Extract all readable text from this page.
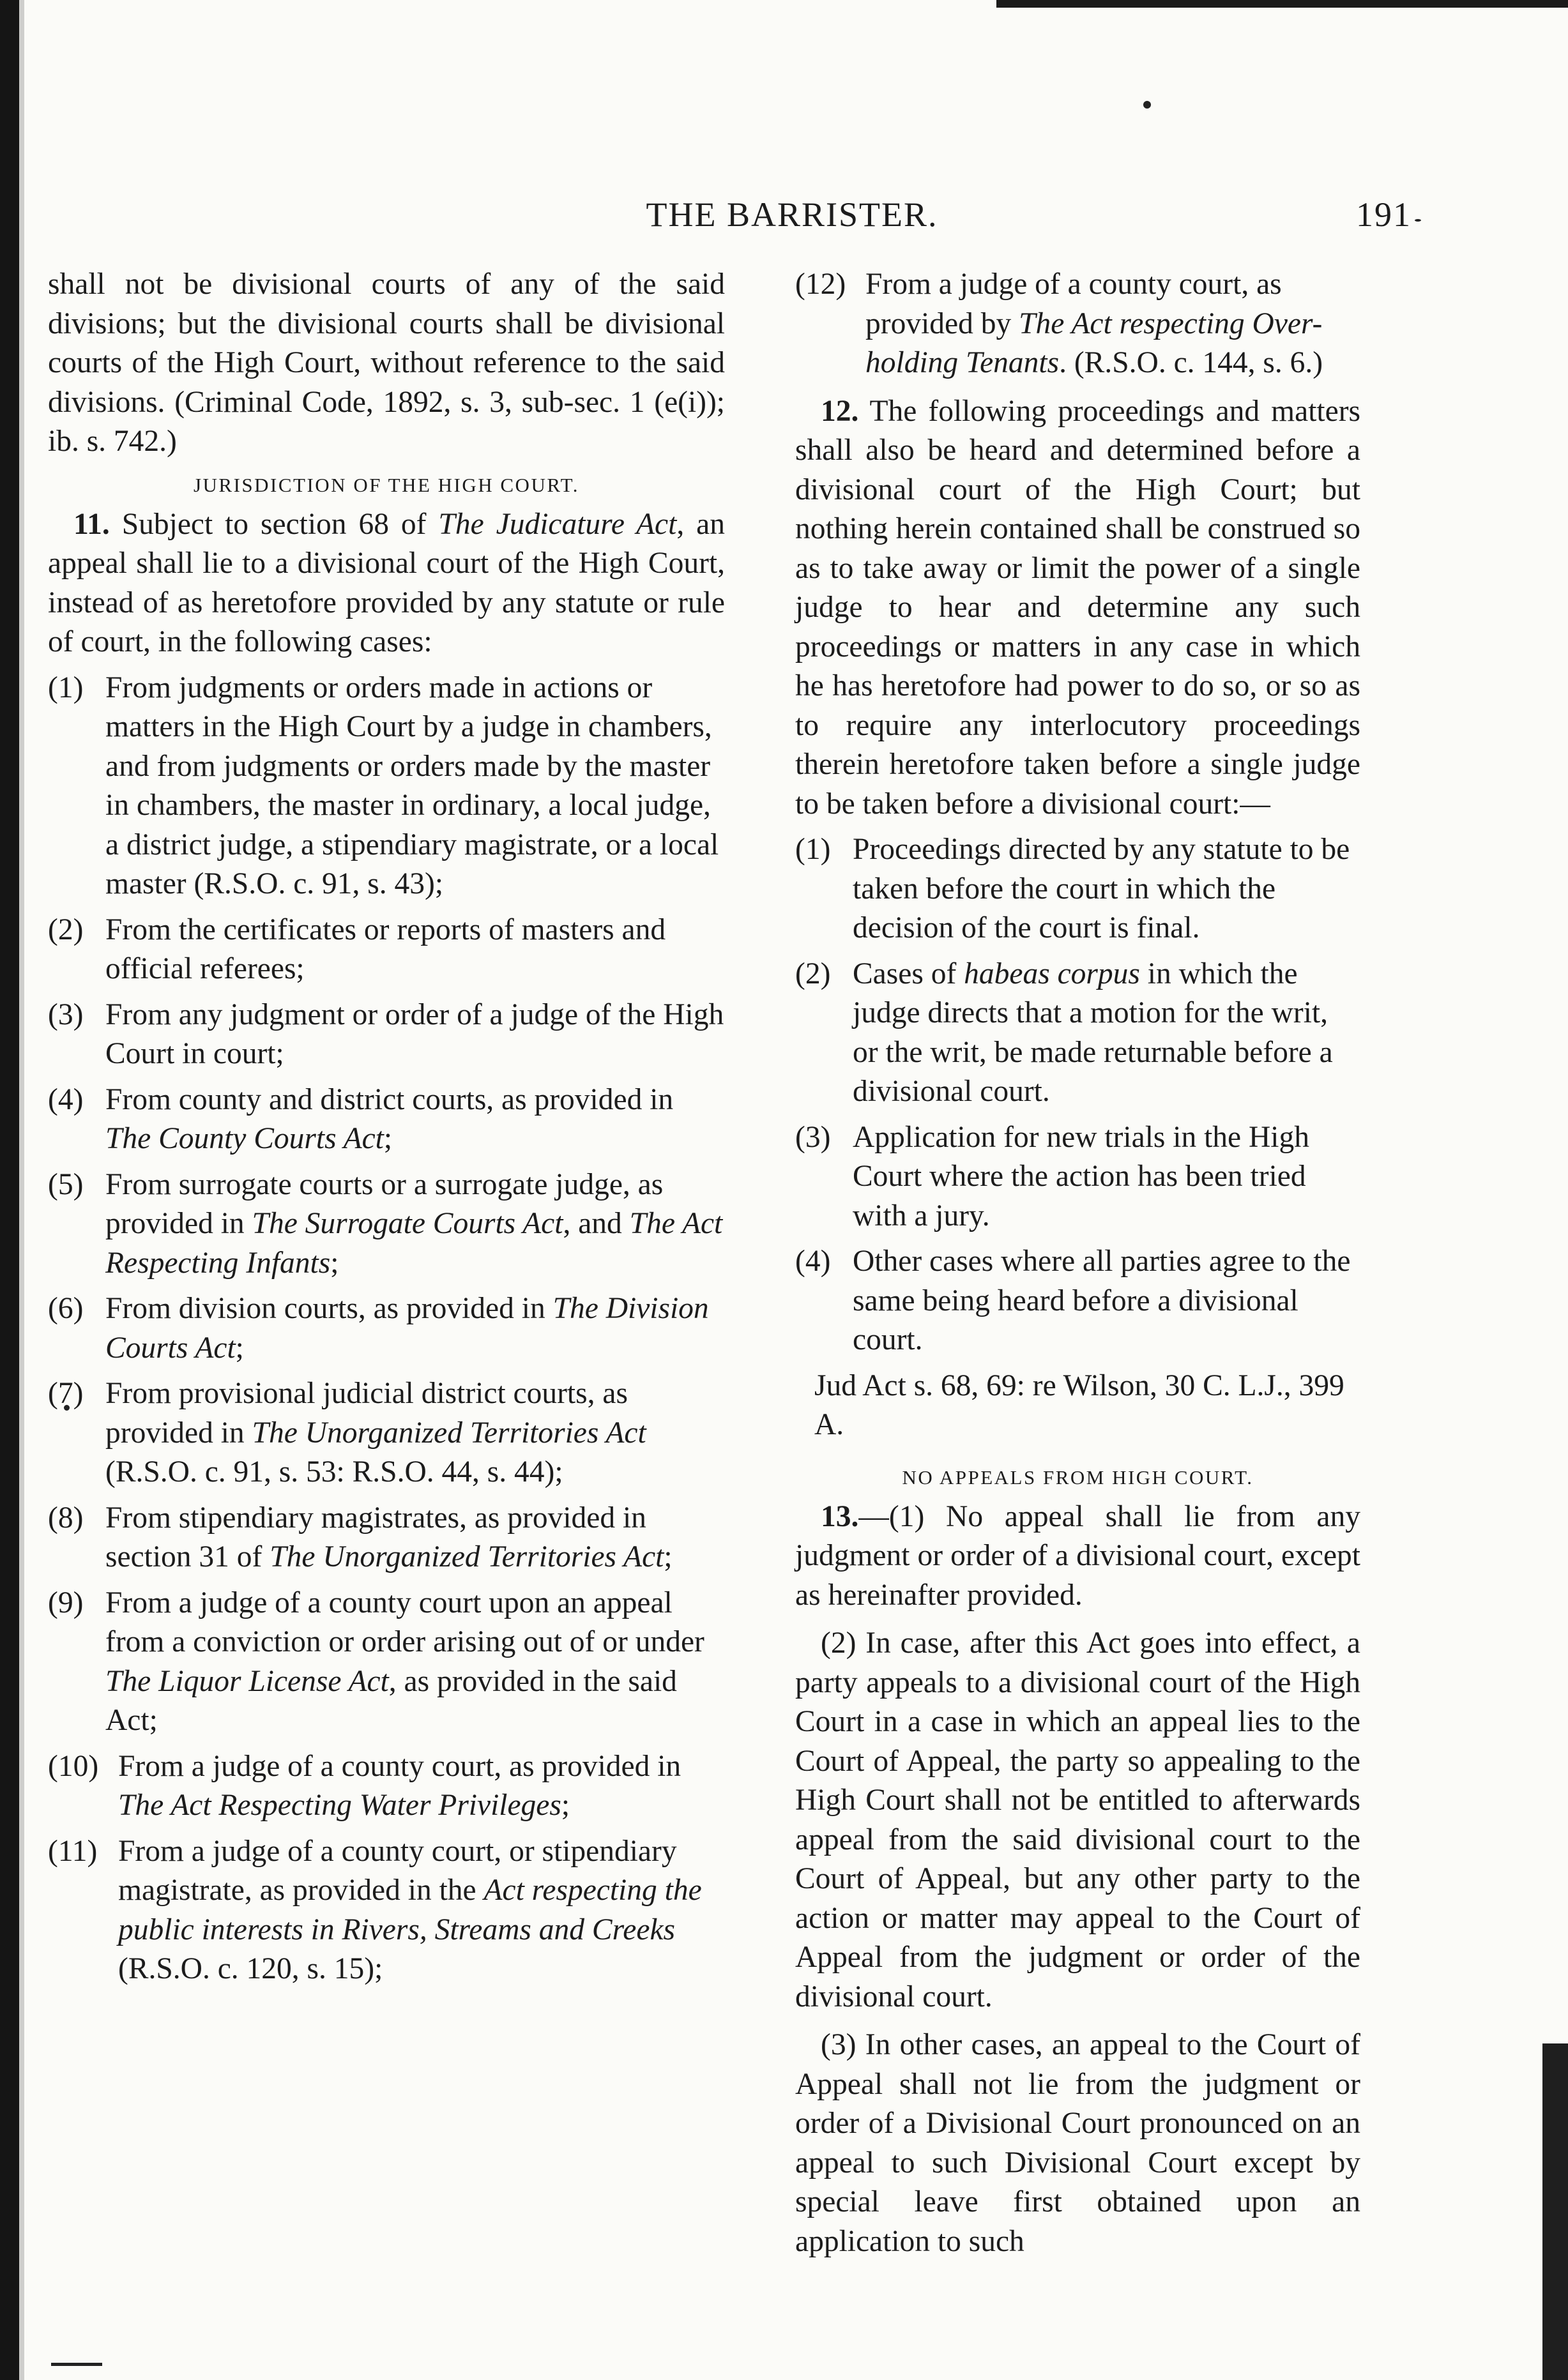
THE BARRISTER.	191

shall not be divisional courts of any of the said divisions; but the divisional courts shall be divisional courts of the High Court, without reference to the said divisions. (Criminal Code, 1892, s. 3, sub-sec. 1 (e(i)); ib. s. 742.)

JURISDICTION OF THE HIGH COURT.

11. Subject to section 68 of The Judicature Act, an appeal shall lie to a divisional court of the High Court, instead of as heretofore provided by any statute or rule of court, in the following cases:

(1) From judgments or orders made in actions or matters in the High Court by a judge in chambers, and from judgments or orders made by the master in chambers, the master in ordinary, a local judge, a district judge, a stipendiary magistrate, or a local master (R.S.O. c. 91, s. 43);
(2) From the certificates or reports of masters and official referees;
(3) From any judgment or order of a judge of the High Court in court;
(4) From county and district courts, as provided in The County Courts Act;
(5) From surrogate courts or a surrogate judge, as provided in The Surrogate Courts Act, and The Act Respecting Infants;
(6) From division courts, as provided in The Division Courts Act;
(7) From provisional judicial district courts, as provided in The Unorganized Territories Act (R.S.O. c. 91, s. 53: R.S.O. 44, s. 44);
(8) From stipendiary magistrates, as provided in section 31 of The Unorganized Territories Act;
(9) From a judge of a county court upon an appeal from a conviction or order arising out of or under The Liquor License Act, as provided in the said Act;
(10) From a judge of a county court, as provided in The Act Respecting Water Privileges;
(11) From a judge of a county court, or stipendiary magistrate, as provided in the Act respecting the public interests in Rivers, Streams and Creeks (R.S.O. c. 120, s. 15);
(12) From a judge of a county court, as provided by The Act respecting Over-holding Tenants. (R.S.O. c. 144, s. 6.)

12. The following proceedings and matters shall also be heard and determined before a divisional court of the High Court; but nothing herein contained shall be construed so as to take away or limit the power of a single judge to hear and determine any such proceedings or matters in any case in which he has heretofore had power to do so, or so as to require any interlocutory proceedings therein heretofore taken before a single judge to be taken before a divisional court:—

(1) Proceedings directed by any statute to be taken before the court in which the decision of the court is final.
(2) Cases of habeas corpus in which the judge directs that a motion for the writ, or the writ, be made returnable before a divisional court.
(3) Application for new trials in the High Court where the action has been tried with a jury.
(4) Other cases where all parties agree to the same being heard before a divisional court.

Jud Act s. 68, 69: re Wilson, 30 C. L.J., 399 A.

NO APPEALS FROM HIGH COURT.

13.—(1) No appeal shall lie from any judgment or order of a divisional court, except as hereinafter provided.

(2) In case, after this Act goes into effect, a party appeals to a divisional court of the High Court in a case in which an appeal lies to the Court of Appeal, the party so appealing to the High Court shall not be entitled to afterwards appeal from the said divisional court to the Court of Appeal, but any other party to the action or matter may appeal to the Court of Appeal from the judgment or order of the divisional court.

(3) In other cases, an appeal to the Court of Appeal shall not lie from the judgment or order of a Divisional Court pronounced on an appeal to such Divisional Court except by special leave first obtained upon an application to such
